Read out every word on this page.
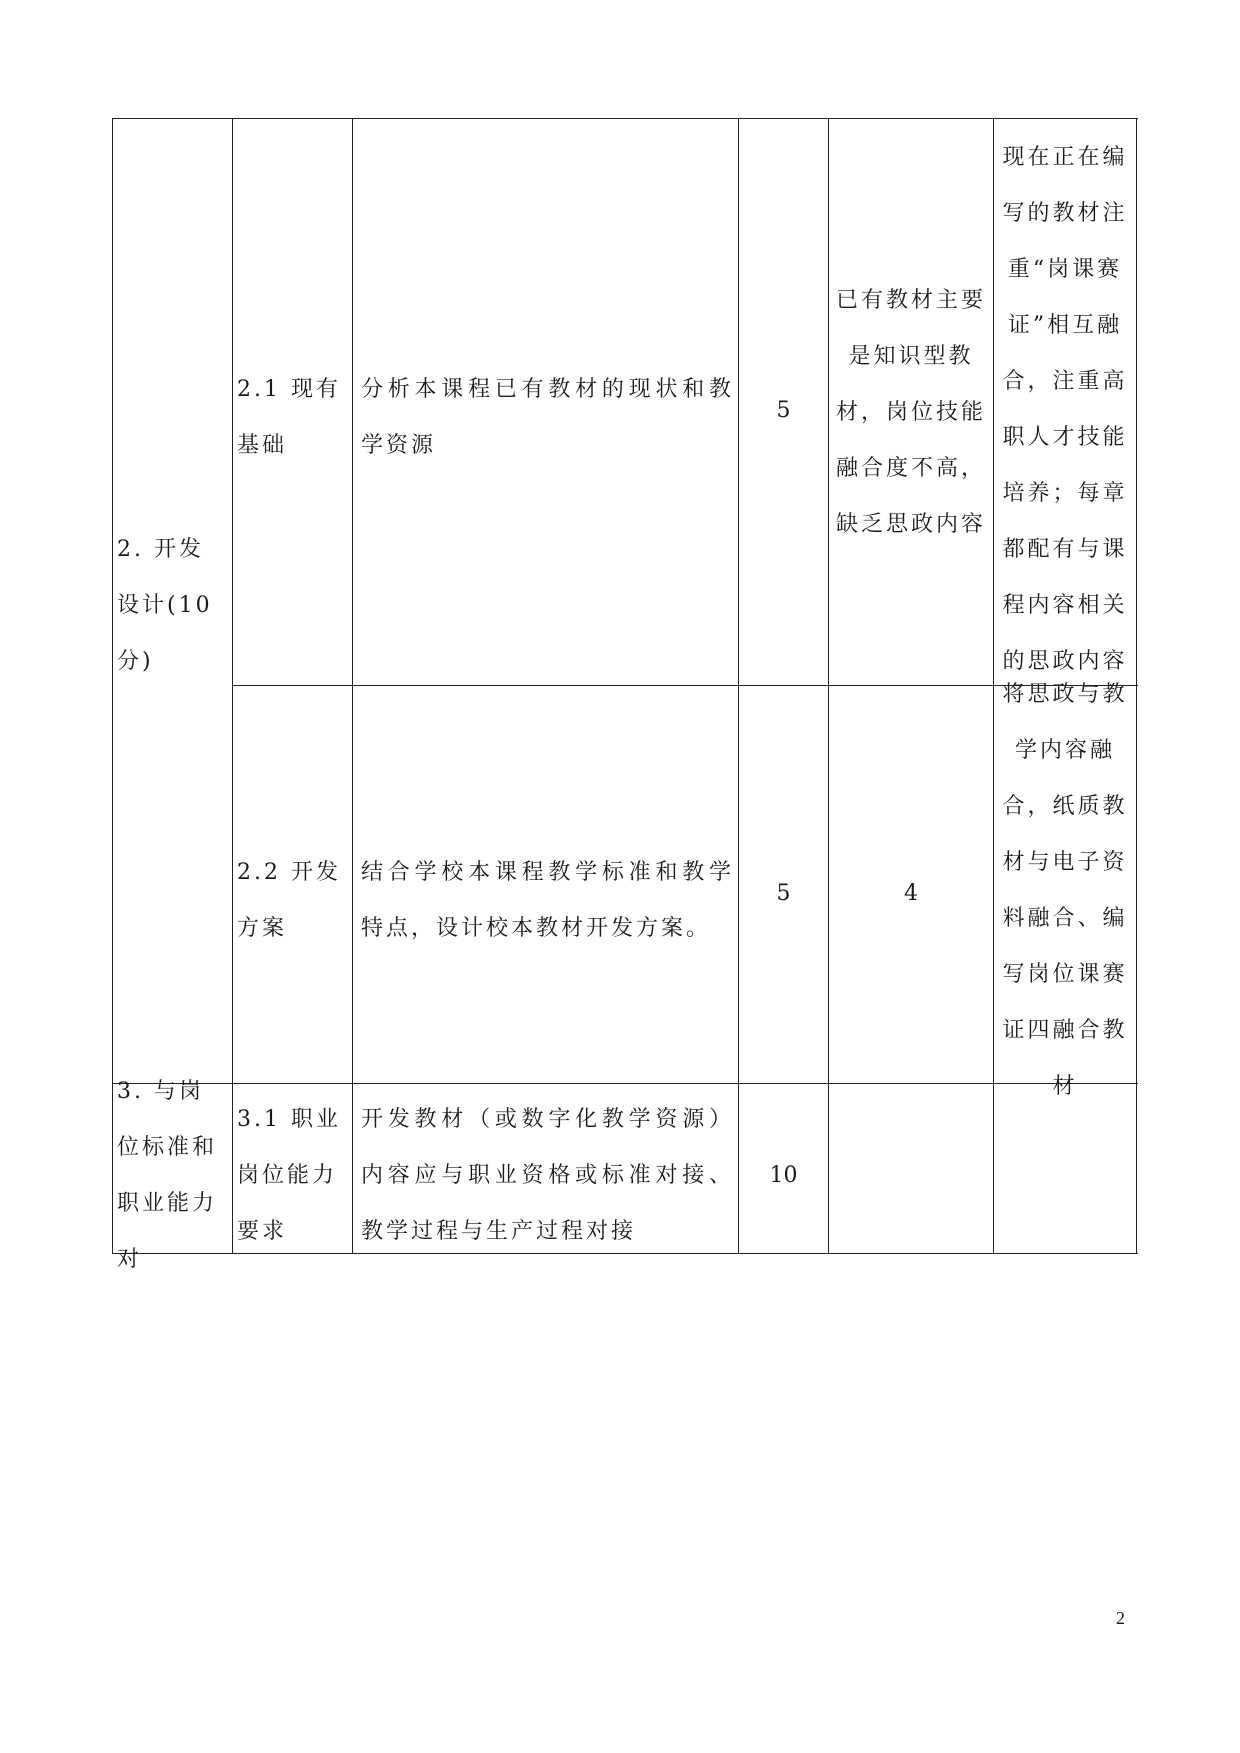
2. 开发设计(10 分)
2.1 现有基础
分析本课程已有教材的现状和教学资源
5
已有教材主要是知识型教材，岗位技能融合度不高，缺乏思政内容
现在正在编写的教材注重“岗课赛证”相互融合，注重高职人才技能培养；每章都配有与课程内容相关的思政内容
2.2 开发方案
结合学校本课程教学标准和教学特点，设计校本教材开发方案。
5	4
将思政与教学内容融合，纸质教材与电子资料融合、编写岗位课赛证四融合教材
3. 与岗位标准和职业能力对
3.1 职业岗位能力要求
开发教材（或数字化教学资源）内容应与职业资格或标准对接、教学过程与生产过程对接
10
2
